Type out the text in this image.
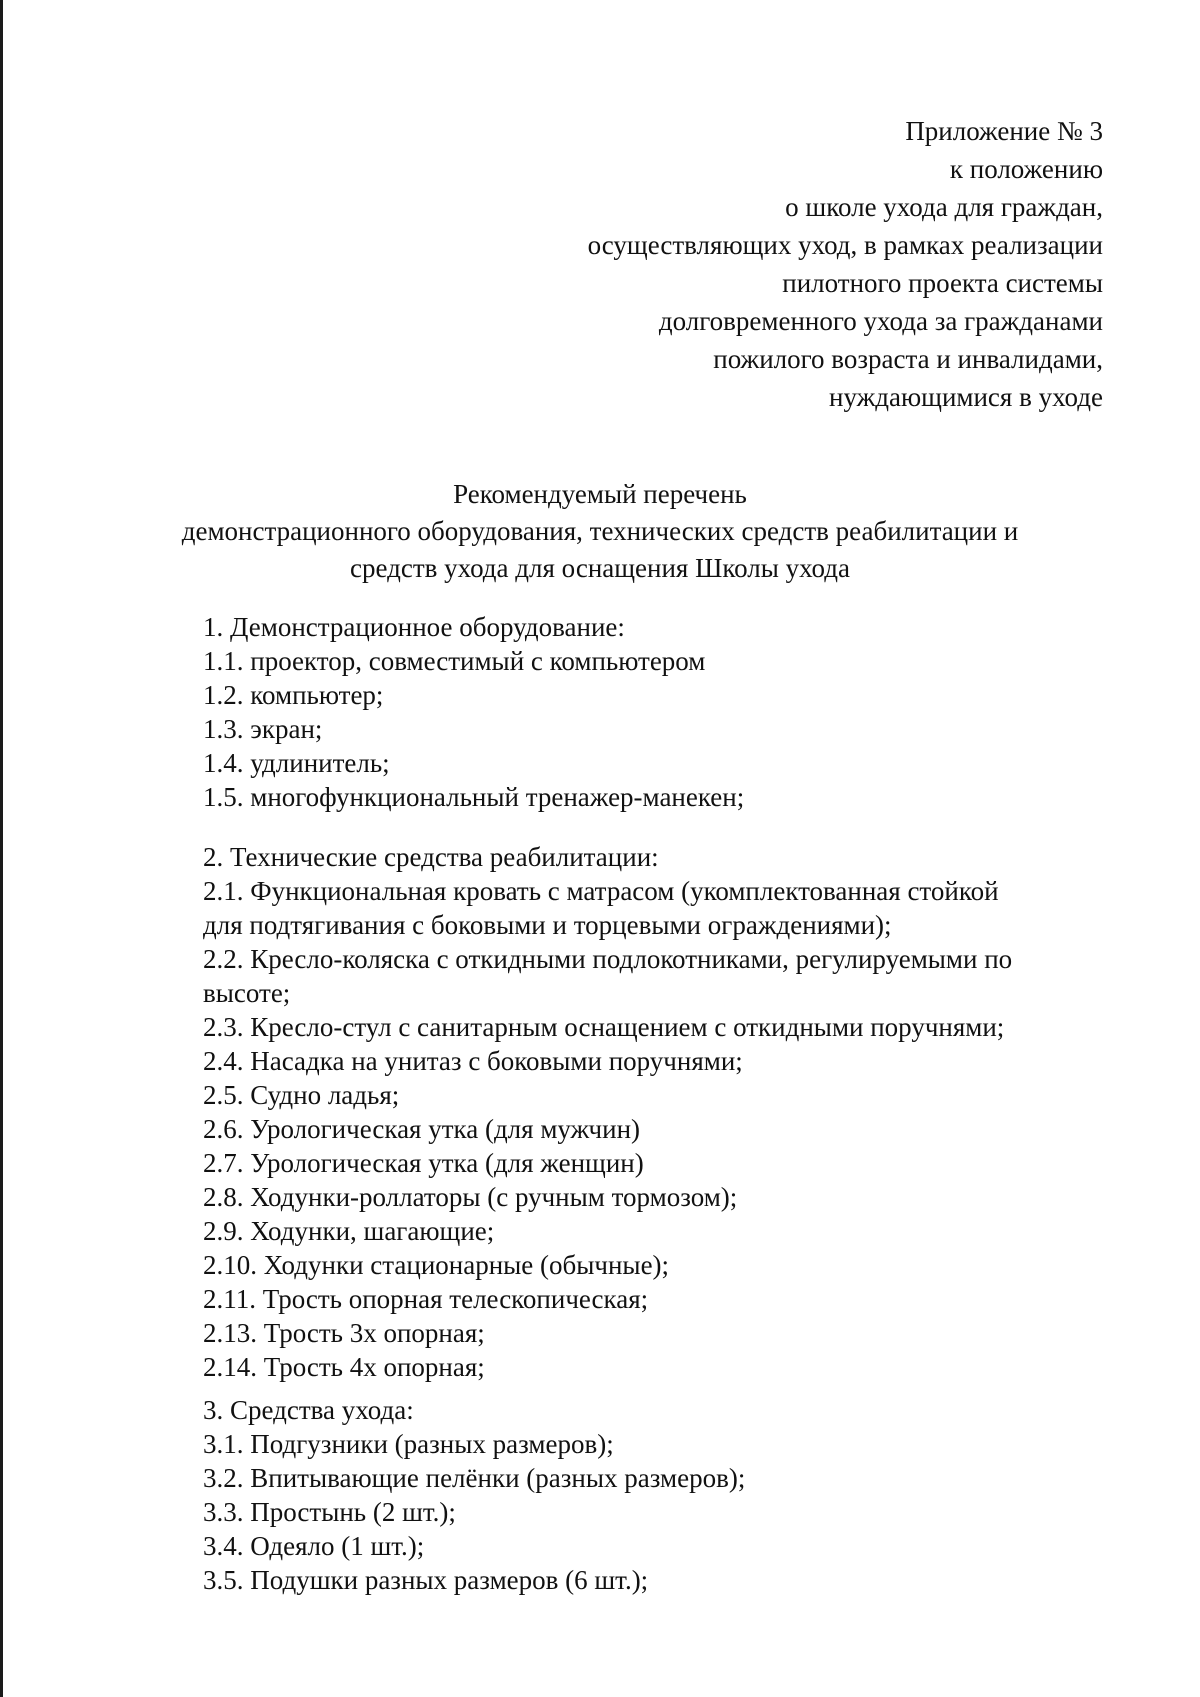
Приложение № 3
к положению
о школе ухода для граждан,
осуществляющих уход, в рамках реализации
пилотного проекта системы
долговременного ухода за гражданами
пожилого возраста и инвалидами,
нуждающимися в уходе
Рекомендуемый перечень
демонстрационного оборудования, технических средств реабилитации и
средств ухода для оснащения Школы ухода
1. Демонстрационное оборудование:
1.1. проектор, совместимый с компьютером
1.2. компьютер;
1.3. экран;
1.4. удлинитель;
1.5. многофункциональный тренажер-манекен;
2. Технические средства реабилитации:
2.1. Функциональная кровать с матрасом (укомплектованная стойкой
для подтягивания с боковыми и торцевыми ограждениями);
2.2. Кресло-коляска с откидными подлокотниками, регулируемыми по
высоте;
2.3. Кресло-стул с санитарным оснащением с откидными поручнями;
2.4. Насадка на унитаз с боковыми поручнями;
2.5. Судно ладья;
2.6. Урологическая утка (для мужчин)
2.7. Урологическая утка (для женщин)
2.8. Ходунки-роллаторы (с ручным тормозом);
2.9. Ходунки, шагающие;
2.10. Ходунки стационарные (обычные);
2.11. Трость опорная телескопическая;
2.13. Трость 3х опорная;
2.14. Трость 4х опорная;
3. Средства ухода:
3.1. Подгузники (разных размеров);
3.2. Впитывающие пелёнки (разных размеров);
3.3. Простынь (2 шт.);
3.4. Одеяло (1 шт.);
3.5. Подушки разных размеров (6 шт.);
